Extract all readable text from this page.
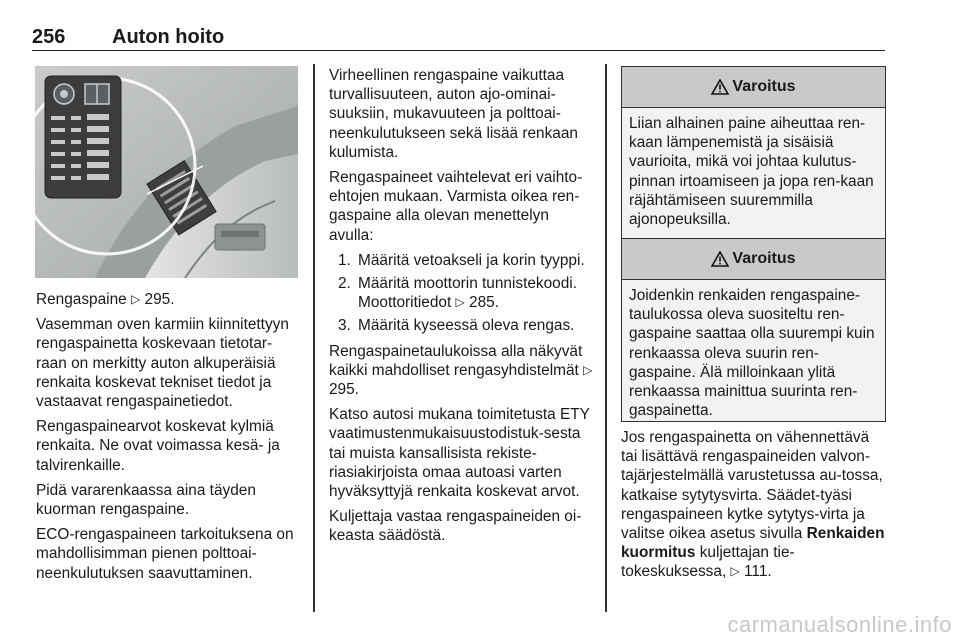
256 Auton hoito

Rengaspaine ▷ 295.

Vasemman oven karmiin kiinnitettyyn rengaspainetta koskevaan tietotar-raan on merkitty auton alkuperäisiä renkaita koskevat tekniset tiedot ja vastaavat rengaspainetiedot.

Rengaspainearvot koskevat kylmiä renkaita. Ne ovat voimassa kesä- ja talvirenkaille.

Pidä vararenkaassa aina täyden kuorman rengaspaine.

ECO-rengaspaineen tarkoituksena on mahdollisimman pienen polttoai-neenkulutuksen saavuttaminen.

Virheellinen rengaspaine vaikuttaa turvallisuuteen, auton ajo-ominai-suuksiin, mukavuuteen ja polttoai-neenkulutukseen sekä lisää renkaan kulumista.

Rengaspaineet vaihtelevat eri vaihto-ehtojen mukaan. Varmista oikea ren-gaspaine alla olevan menettelyn avulla:

1. Määritä vetoakseli ja korin tyyppi.
2. Määritä moottorin tunnistekoodi. Moottoritiedot ▷ 285.
3. Määritä kyseessä oleva rengas.

Rengaspainetaulukoissa alla näkyvät kaikki mahdolliset rengasyhdistelmät ▷ 295.

Katso autosi mukana toimitetusta ETY vaatimustenmukaisuustodistuk-sesta tai muista kansallisista rekiste-riasiakirjoista omaa autoasi varten hyväksyttyjä renkaita koskevat arvot.

Kuljettaja vastaa rengaspaineiden oi-keasta säädöstä.

Varoitus
Liian alhainen paine aiheuttaa ren-kaan lämpenemistä ja sisäisiä vaurioita, mikä voi johtaa kulutus-pinnan irtoamiseen ja jopa ren-kaan räjähtämiseen suuremmilla ajonopeuksilla.
Varoitus
Joidenkin renkaiden rengaspaine-taulukossa oleva suositeltu ren-gaspaine saattaa olla suurempi kuin renkaassa oleva suurin ren-gaspaine. Älä milloinkaan ylitä renkaassa mainittua suurinta ren-gaspainetta.

Jos rengaspainetta on vähennettävä tai lisättävä rengaspaineiden valvon-tajärjestelmällä varustetussa au-tossa, katkaise sytytysvirta. Säädet-tyäsi rengaspaineen kytke sytytys-virta ja valitse oikea asetus sivulla Renkaiden kuormitus kuljettajan tie-tokeskuksessa, ▷ 111.

carmanualsonline.info
